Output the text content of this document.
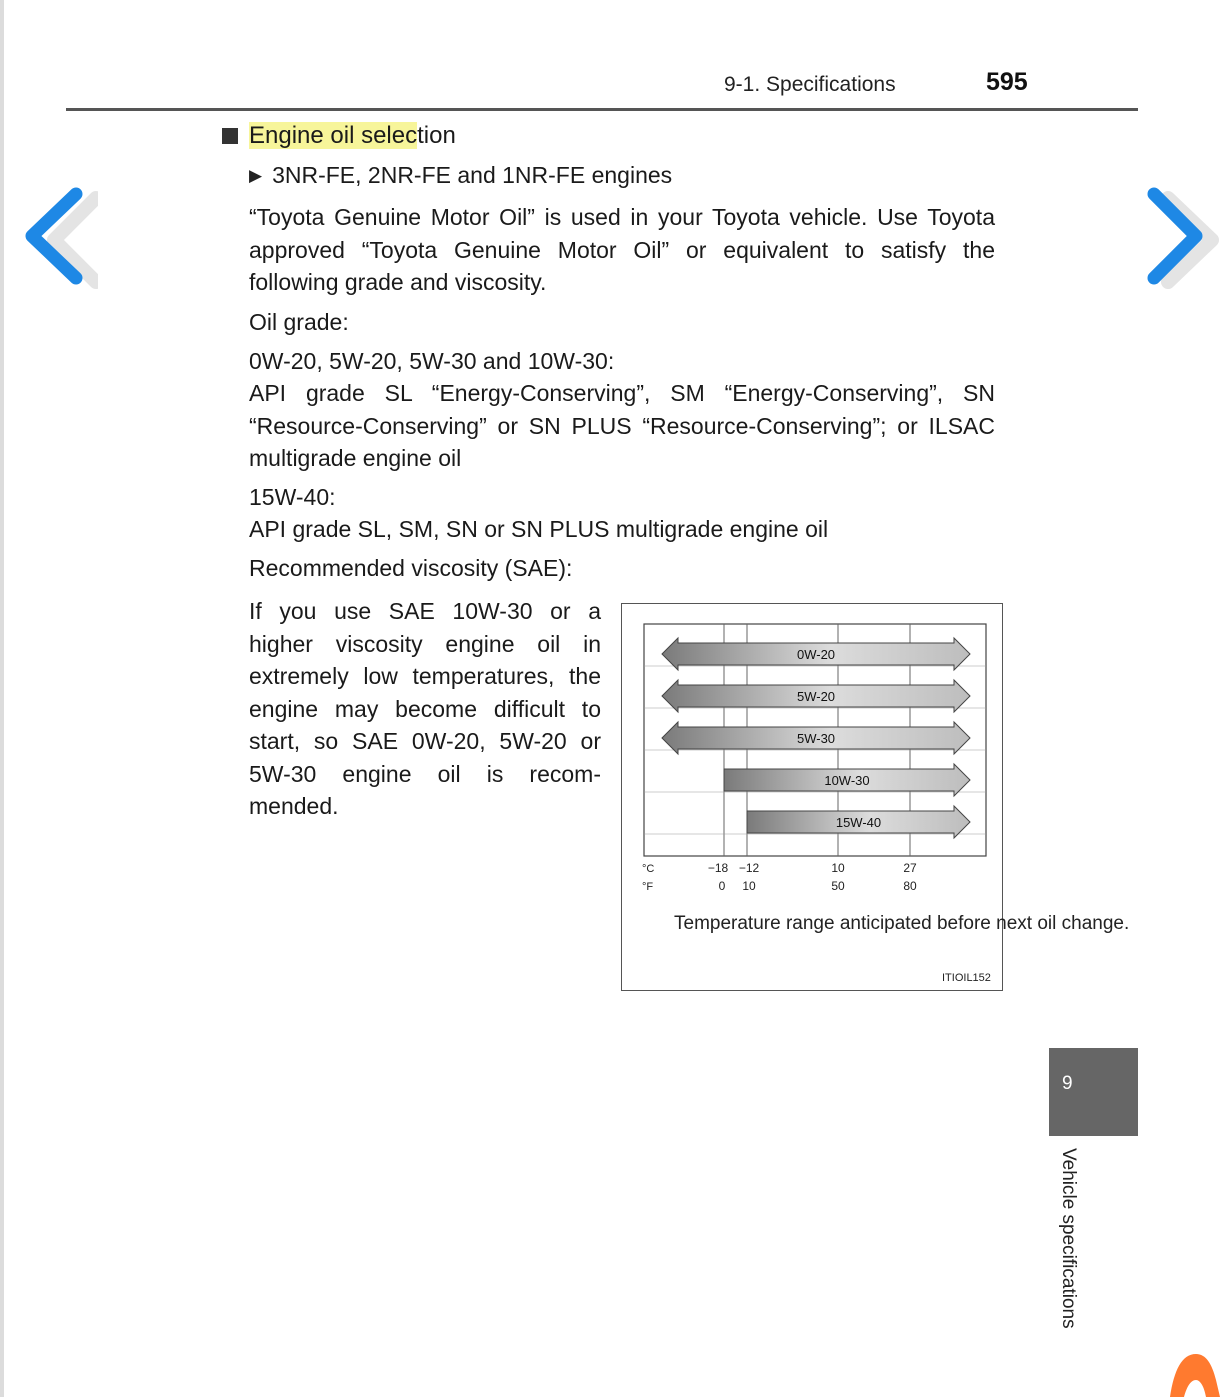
9-1. Specifications	595
Engine oil selection
▶ 3NR-FE, 2NR-FE and 1NR-FE engines
“Toyota Genuine Motor Oil” is used in your Toyota vehicle. Use Toyota approved “Toyota Genuine Motor Oil” or equivalent to satisfy the following grade and viscosity.
Oil grade:
0W-20, 5W-20, 5W-30 and 10W-30:
API grade SL “Energy-Conserving”, SM “Energy-Conserving”, SN “Resource-Conserving” or SN PLUS “Resource-Conserving”; or ILSAC multigrade engine oil
15W-40:
API grade SL, SM, SN or SN PLUS multigrade engine oil
Recommended viscosity (SAE):
If you use SAE 10W-30 or a higher viscosity engine oil in extremely low temperatures, the engine may become difficult to start, so SAE 0W-20, 5W-20 or 5W-30 engine oil is recom-mended.
0W-20
5W-20
5W-30
10W-30
15W-40
°C
°F
−18 −12	10	27
0 10	50	80
Temperature range anticipated before next oil change.
ITIOIL152
9
Vehicle specifications
